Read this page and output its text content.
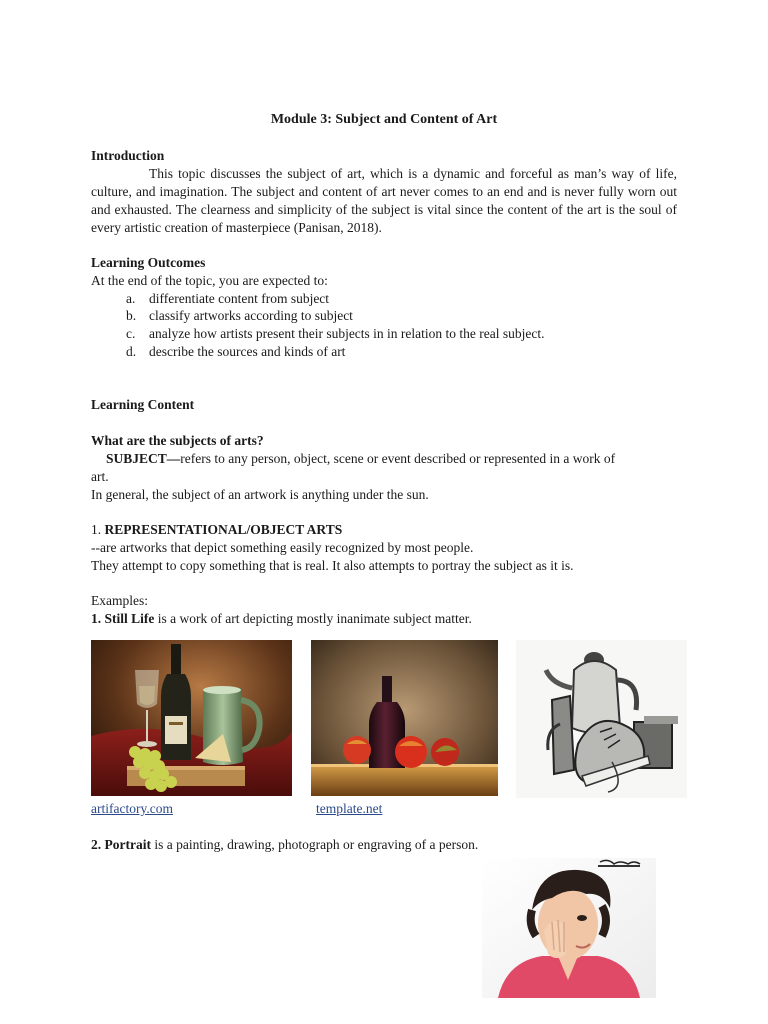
Module 3: Subject and Content of Art
Introduction
This topic discusses the subject of art, which is a dynamic and forceful as man’s way of life, culture, and imagination. The subject and content of art never comes to an end and is never fully worn out and exhausted. The clearness and simplicity of the subject is vital since the content of the art is the soul of every artistic creation of masterpiece (Panisan, 2018).
Learning Outcomes
At the end of the topic, you are expected to:
a. differentiate content from subject
b. classify artworks according to subject
c. analyze how artists present their subjects in in relation to the real subject.
d. describe the sources and kinds of art
Learning Content
What are the subjects of arts?
SUBJECT—refers to any person, object, scene or event described or represented in a work of
art.
In general, the subject of an artwork is anything under the sun.
1. REPRESENTATIONAL/OBJECT ARTS
--are artworks that depict something easily recognized by most people.
They attempt to copy something that is real. It also attempts to portray the subject as it is.
Examples:
1. Still Life is a work of art depicting mostly inanimate subject matter.
artifactory.com	template.net
2. Portrait is a painting, drawing, photograph or engraving of a person.
